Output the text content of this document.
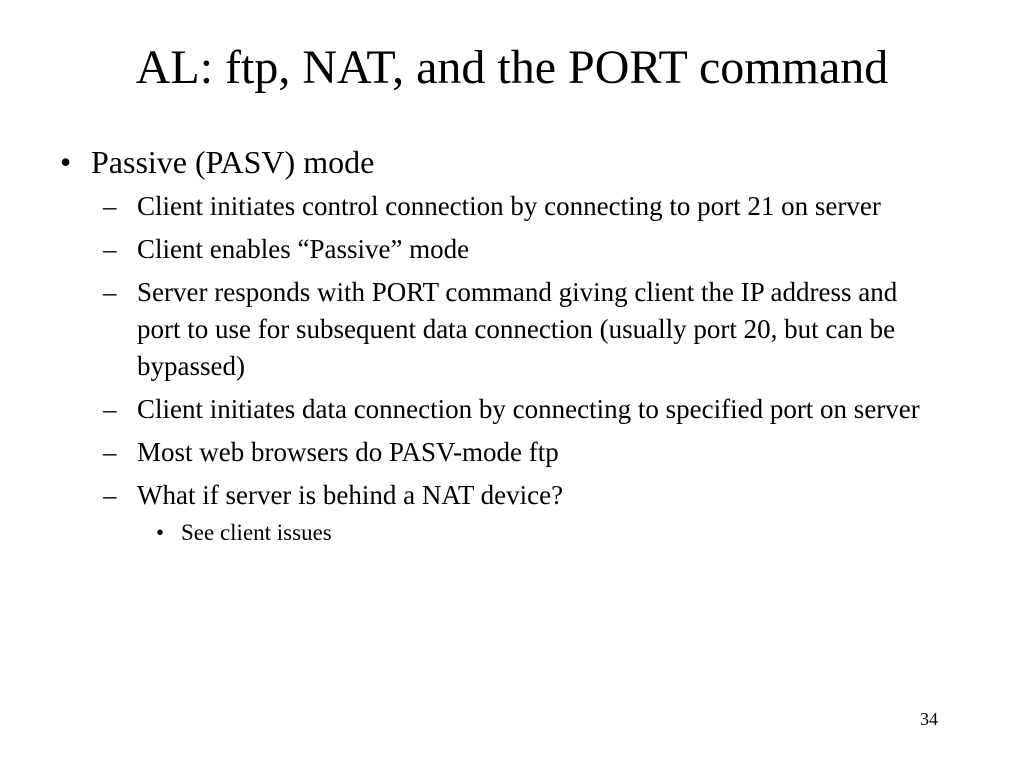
AL: ftp, NAT, and the PORT command
• Passive (PASV) mode
– Client initiates control connection by connecting to port 21 on server
– Client enables “Passive” mode
– Server responds with PORT command giving client the IP address and port to use for subsequent data connection (usually port 20, but can be bypassed)
– Client initiates data connection by connecting to specified port on server
– Most web browsers do PASV-mode ftp
– What if server is behind a NAT device?
• See client issues
34
